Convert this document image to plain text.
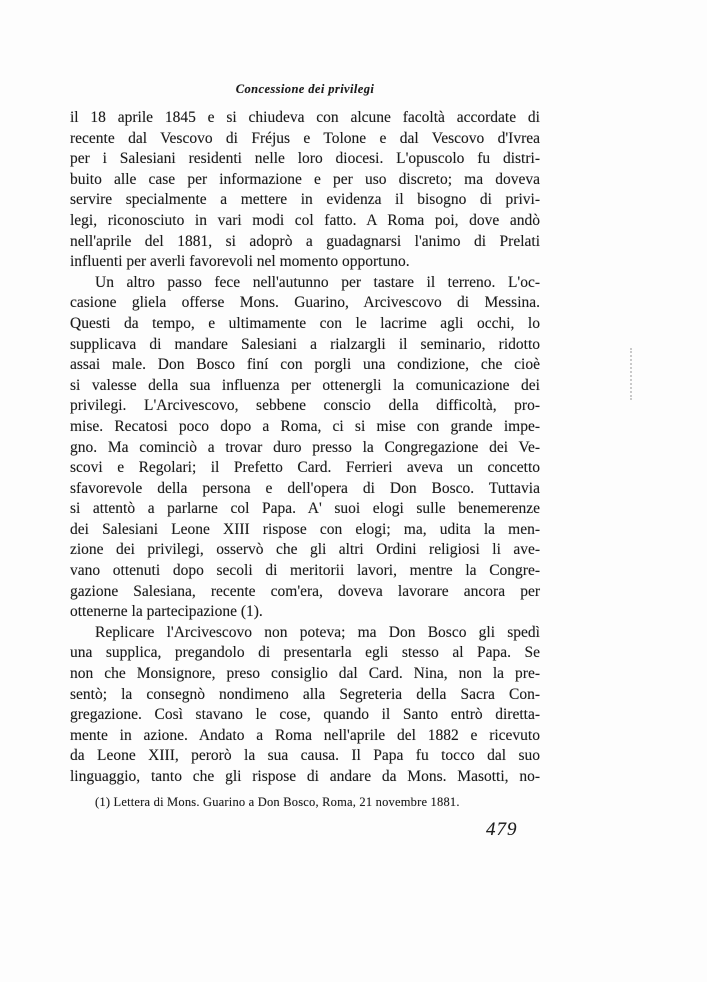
Concessione dei privilegi
il 18 aprile 1845 e si chiudeva con alcune facoltà accordate di
recente dal Vescovo di Fréjus e Tolone e dal Vescovo d'Ivrea
per i Salesiani residenti nelle loro diocesi. L'opuscolo fu distri-
buito alle case per informazione e per uso discreto; ma doveva
servire specialmente a mettere in evidenza il bisogno di privi-
legi, riconosciuto in vari modi col fatto. A Roma poi, dove andò
nell'aprile del 1881, si adoprò a guadagnarsi l'animo di Prelati
influenti per averli favorevoli nel momento opportuno.
Un altro passo fece nell'autunno per tastare il terreno. L'oc-
casione gliela offerse Mons. Guarino, Arcivescovo di Messina.
Questi da tempo, e ultimamente con le lacrime agli occhi, lo
supplicava di mandare Salesiani a rialzargli il seminario, ridotto
assai male. Don Bosco finí con porgli una condizione, che cioè
si valesse della sua influenza per ottenergli la comunicazione dei
privilegi. L'Arcivescovo, sebbene conscio della difficoltà, pro-
mise. Recatosi poco dopo a Roma, ci si mise con grande impe-
gno. Ma cominciò a trovar duro presso la Congregazione dei Ve-
scovi e Regolari; il Prefetto Card. Ferrieri aveva un concetto
sfavorevole della persona e dell'opera di Don Bosco. Tuttavia
si attentò a parlarne col Papa. A' suoi elogi sulle benemerenze
dei Salesiani Leone XIII rispose con elogi; ma, udita la men-
zione dei privilegi, osservò che gli altri Ordini religiosi li ave-
vano ottenuti dopo secoli di meritorii lavori, mentre la Congre-
gazione Salesiana, recente com'era, doveva lavorare ancora per
ottenerne la partecipazione (1).
Replicare l'Arcivescovo non poteva; ma Don Bosco gli spedì
una supplica, pregandolo di presentarla egli stesso al Papa. Se
non che Monsignore, preso consiglio dal Card. Nina, non la pre-
sentò; la consegnò nondimeno alla Segreteria della Sacra Con-
gregazione. Così stavano le cose, quando il Santo entrò diretta-
mente in azione. Andato a Roma nell'aprile del 1882 e ricevuto
da Leone XIII, perorò la sua causa. Il Papa fu tocco dal suo
linguaggio, tanto che gli rispose di andare da Mons. Masotti, no-
(1) Lettera di Mons. Guarino a Don Bosco, Roma, 21 novembre 1881.
479
